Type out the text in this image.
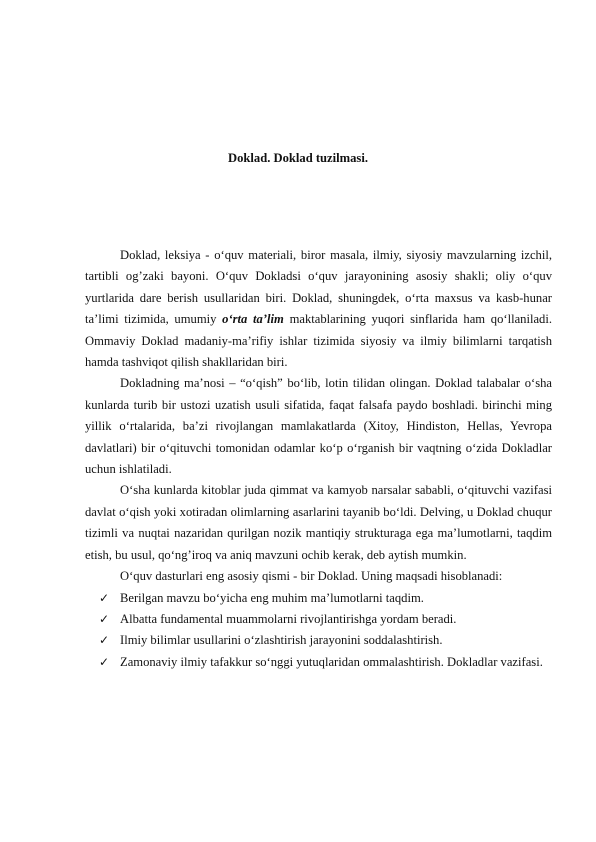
Doklad. Doklad tuzilmasi.

Doklad, leksiya - o‘quv materiali, biror masala, ilmiy, siyosiy mavzularning izchil, tartibli og’zaki bayoni. O‘quv Dokladsi o‘quv jarayonining asosiy shakli; oliy o‘quv yurtlarida dare berish usullaridan biri. Doklad, shuningdek, o‘rta maxsus va kasb-hunar ta’limi tizimida, umumiy o‘rta ta’lim maktablarining yuqori sinflarida ham qo‘llaniladi. Ommaviy Doklad madaniy-ma’rifiy ishlar tizimida siyosiy va ilmiy bilimlarni tarqatish hamda tashviqot qilish shakllaridan biri.

Dokladning ma’nosi – “o‘qish” bo‘lib, lotin tilidan olingan. Doklad talabalar o‘sha kunlarda turib bir ustozi uzatish usuli sifatida, faqat falsafa paydo boshladi. birinchi ming yillik o‘rtalarida, ba’zi rivojlangan mamlakatlarda (Xitoy, Hindiston, Hellas, Yevropa davlatlari) bir o‘qituvchi tomonidan odamlar ko‘p o‘rganish bir vaqtning o‘zida Dokladlar uchun ishlatiladi.

O‘sha kunlarda kitoblar juda qimmat va kamyob narsalar sababli, o‘qituvchi vazifasi davlat o‘qish yoki xotiradan olimlarning asarlarini tayanib bo‘ldi. Delving, u Doklad chuqur tizimli va nuqtai nazaridan qurilgan nozik mantiqiy strukturaga ega ma’lumotlarni, taqdim etish, bu usul, qo‘ng’iroq va aniq mavzuni ochib kerak, deb aytish mumkin.

O‘quv dasturlari eng asosiy qismi - bir Doklad. Uning maqsadi hisoblanadi:

✓ Berilgan mavzu bo‘yicha eng muhim ma’lumotlarni taqdim.
✓ Albatta fundamental muammolarni rivojlantirishga yordam beradi.
✓ Ilmiy bilimlar usullarini o‘zlashtirish jarayonini soddalashtirish.
✓ Zamonaviy ilmiy tafakkur so‘nggi yutuqlaridan ommalashtirish. Dokladlar vazifasi.
